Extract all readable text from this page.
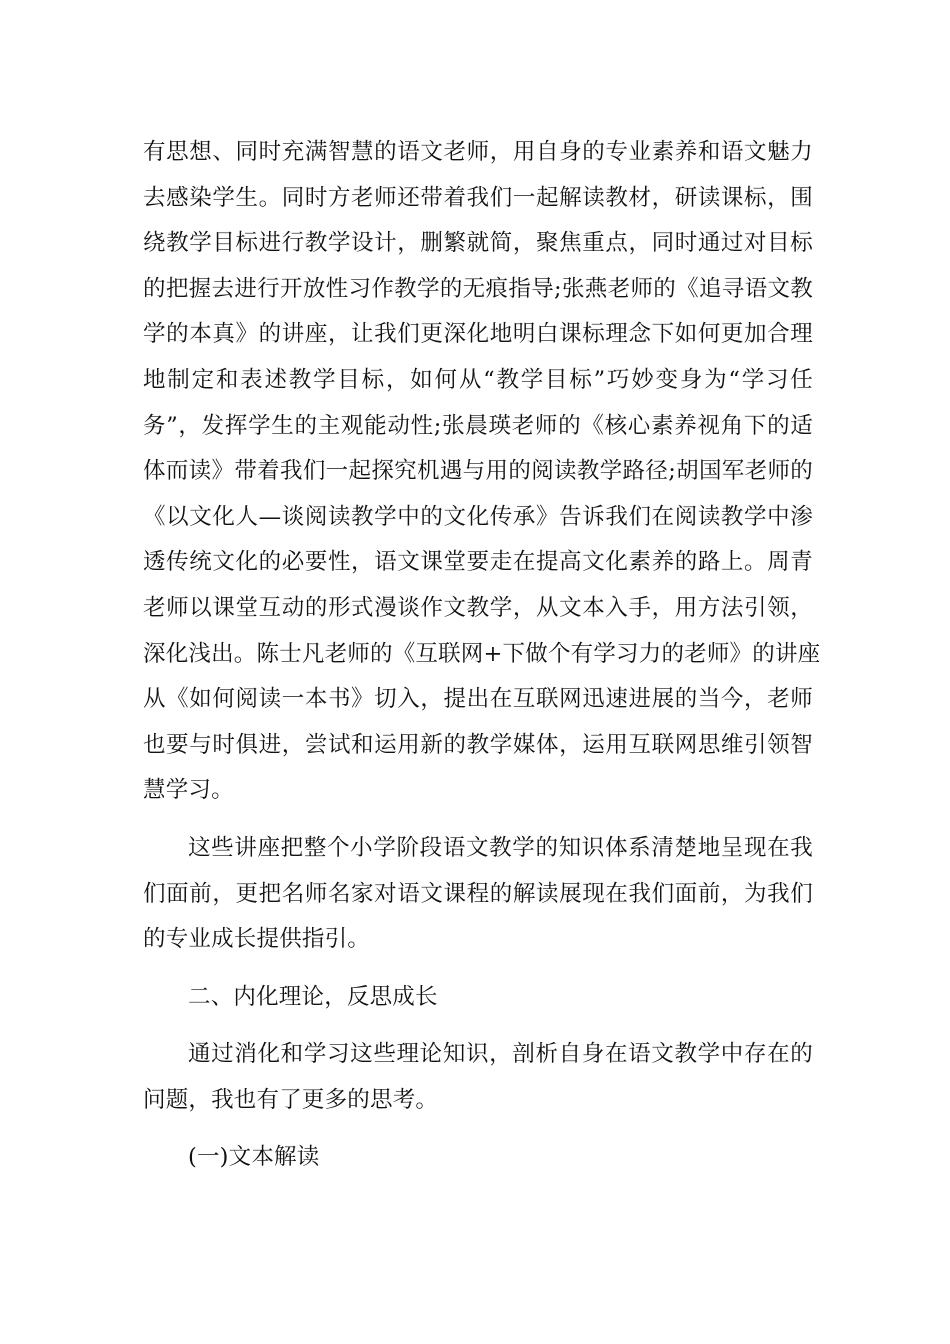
有思想、同时充满智慧的语文老师，用自身的专业素养和语文魅力
去感染学生。同时方老师还带着我们一起解读教材，研读课标，围
绕教学目标进行教学设计，删繁就简，聚焦重点，同时通过对目标
的把握去进行开放性习作教学的无痕指导;张燕老师的《追寻语文教
学的本真》的讲座，让我们更深化地明白课标理念下如何更加合理
地制定和表述教学目标，如何从“教学目标”巧妙变身为“学习任
务”，发挥学生的主观能动性;张晨瑛老师的《核心素养视角下的适
体而读》带着我们一起探究机遇与用的阅读教学路径;胡国军老师的
《以文化人—谈阅读教学中的文化传承》告诉我们在阅读教学中渗
透传统文化的必要性，语文课堂要走在提高文化素养的路上。周青
老师以课堂互动的形式漫谈作文教学，从文本入手，用方法引领，
深化浅出。陈士凡老师的《互联网+下做个有学习力的老师》的讲座
从《如何阅读一本书》切入，提出在互联网迅速进展的当今，老师
也要与时俱进，尝试和运用新的教学媒体，运用互联网思维引领智
慧学习。

这些讲座把整个小学阶段语文教学的知识体系清楚地呈现在我
们面前，更把名师名家对语文课程的解读展现在我们面前，为我们
的专业成长提供指引。

二、内化理论，反思成长

通过消化和学习这些理论知识，剖析自身在语文教学中存在的
问题，我也有了更多的思考。

(一)文本解读
